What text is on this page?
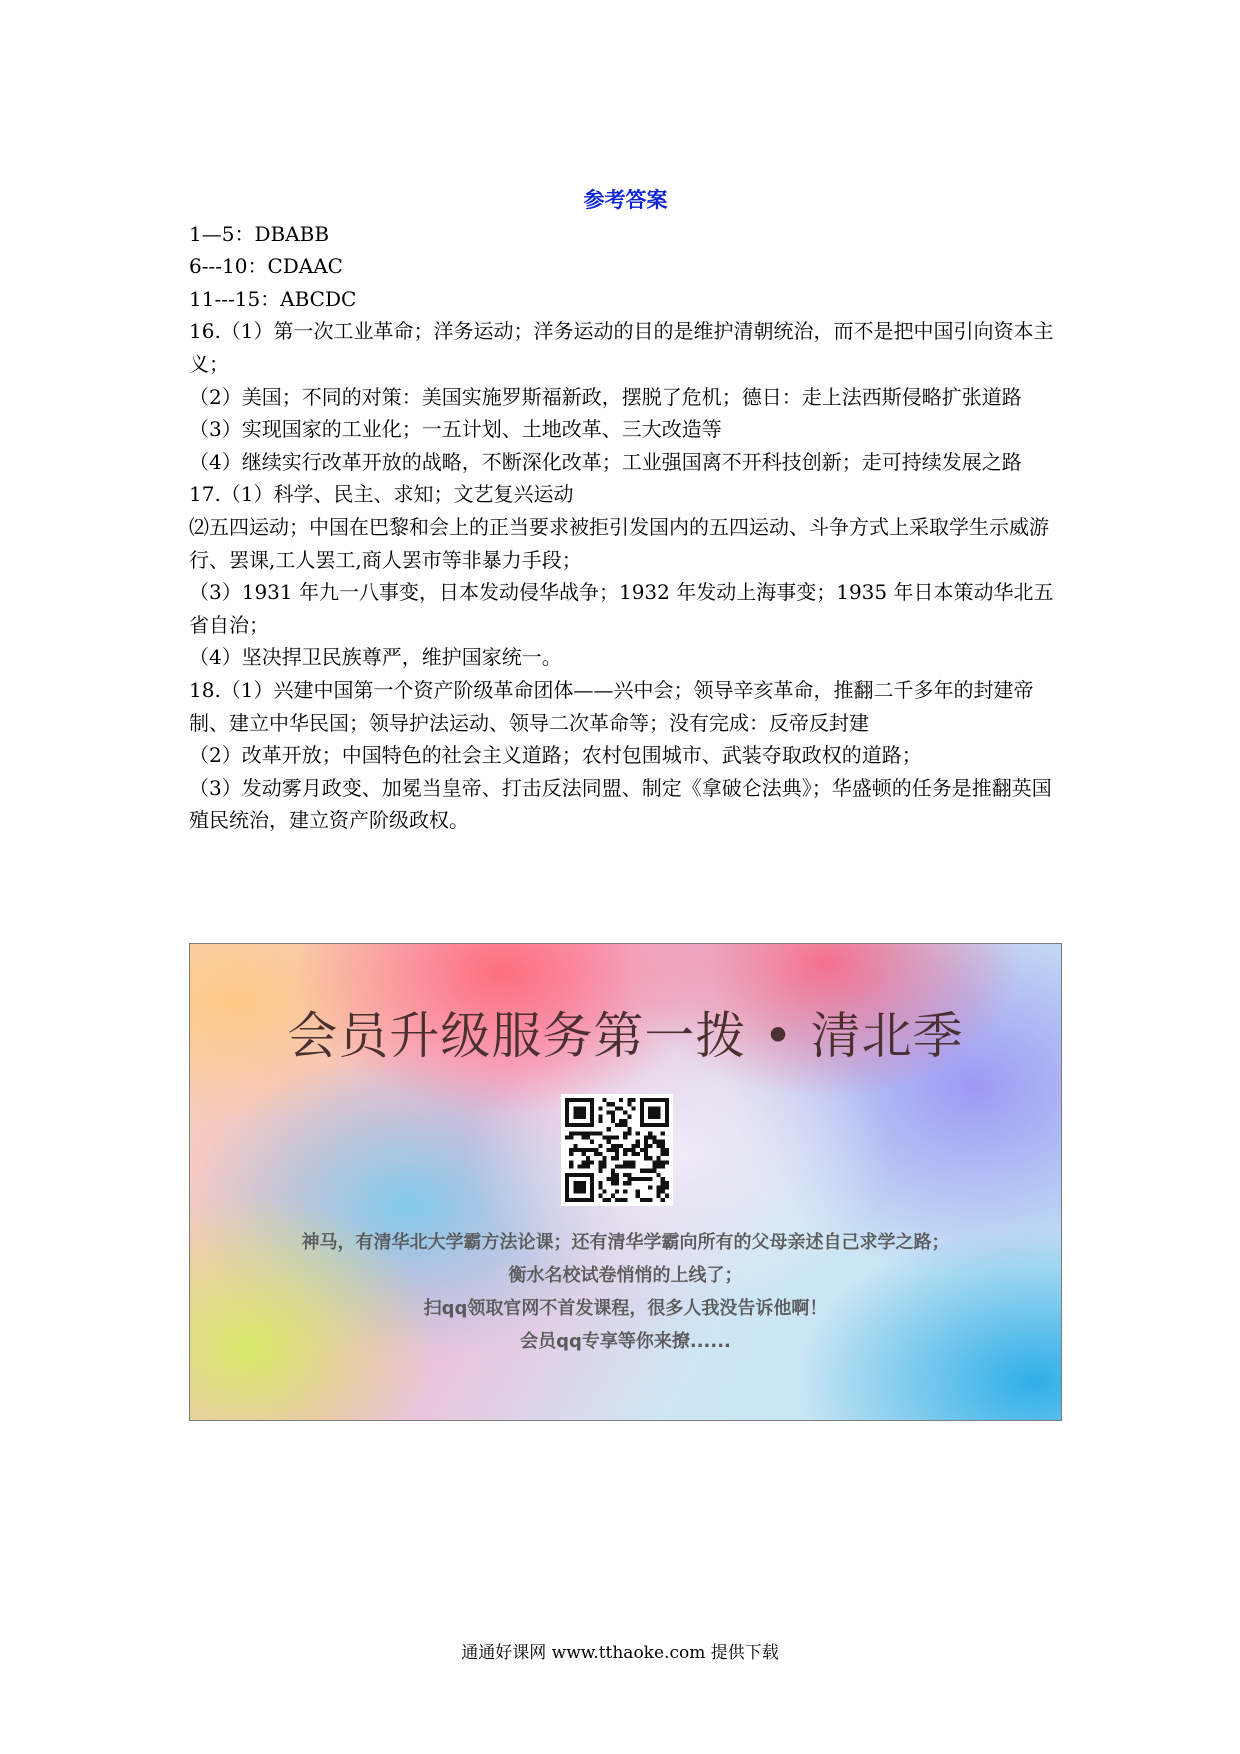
参考答案
1—5：DBABB
6---10：CDAAC
11---15：ABCDC
16.（1）第一次工业革命；洋务运动；洋务运动的目的是维护清朝统治，而不是把中国引向资本主义；
（2）美国；不同的对策：美国实施罗斯福新政，摆脱了危机；德日：走上法西斯侵略扩张道路
（3）实现国家的工业化；一五计划、土地改革、三大改造等
（4）继续实行改革开放的战略，不断深化改革；工业强国离不开科技创新；走可持续发展之路
17.（1）科学、民主、求知；文艺复兴运动
⑵五四运动；中国在巴黎和会上的正当要求被拒引发国内的五四运动、斗争方式上采取学生示威游行、罢课,工人罢工,商人罢市等非暴力手段；
（3）1931 年九一八事变，日本发动侵华战争；1932 年发动上海事变；1935 年日本策动华北五省自治；
（4）坚决捍卫民族尊严，维护国家统一。
18.（1）兴建中国第一个资产阶级革命团体——兴中会；领导辛亥革命，推翻二千多年的封建帝制、建立中华民国；领导护法运动、领导二次革命等；没有完成：反帝反封建
（2）改革开放；中国特色的社会主义道路；农村包围城市、武装夺取政权的道路；
（3）发动雾月政变、加冕当皇帝、打击反法同盟、制定《拿破仑法典》；华盛顿的任务是推翻英国殖民统治，建立资产阶级政权。
会员升级服务第一拨 • 清北季
神马，有清华北大学霸方法论课；还有清华学霸向所有的父母亲述自己求学之路；
衡水名校试卷悄悄的上线了；
扫qq领取官网不首发课程，很多人我没告诉他啊！
会员qq专享等你来撩......
通通好课网 www.tthaoke.com 提供下载
